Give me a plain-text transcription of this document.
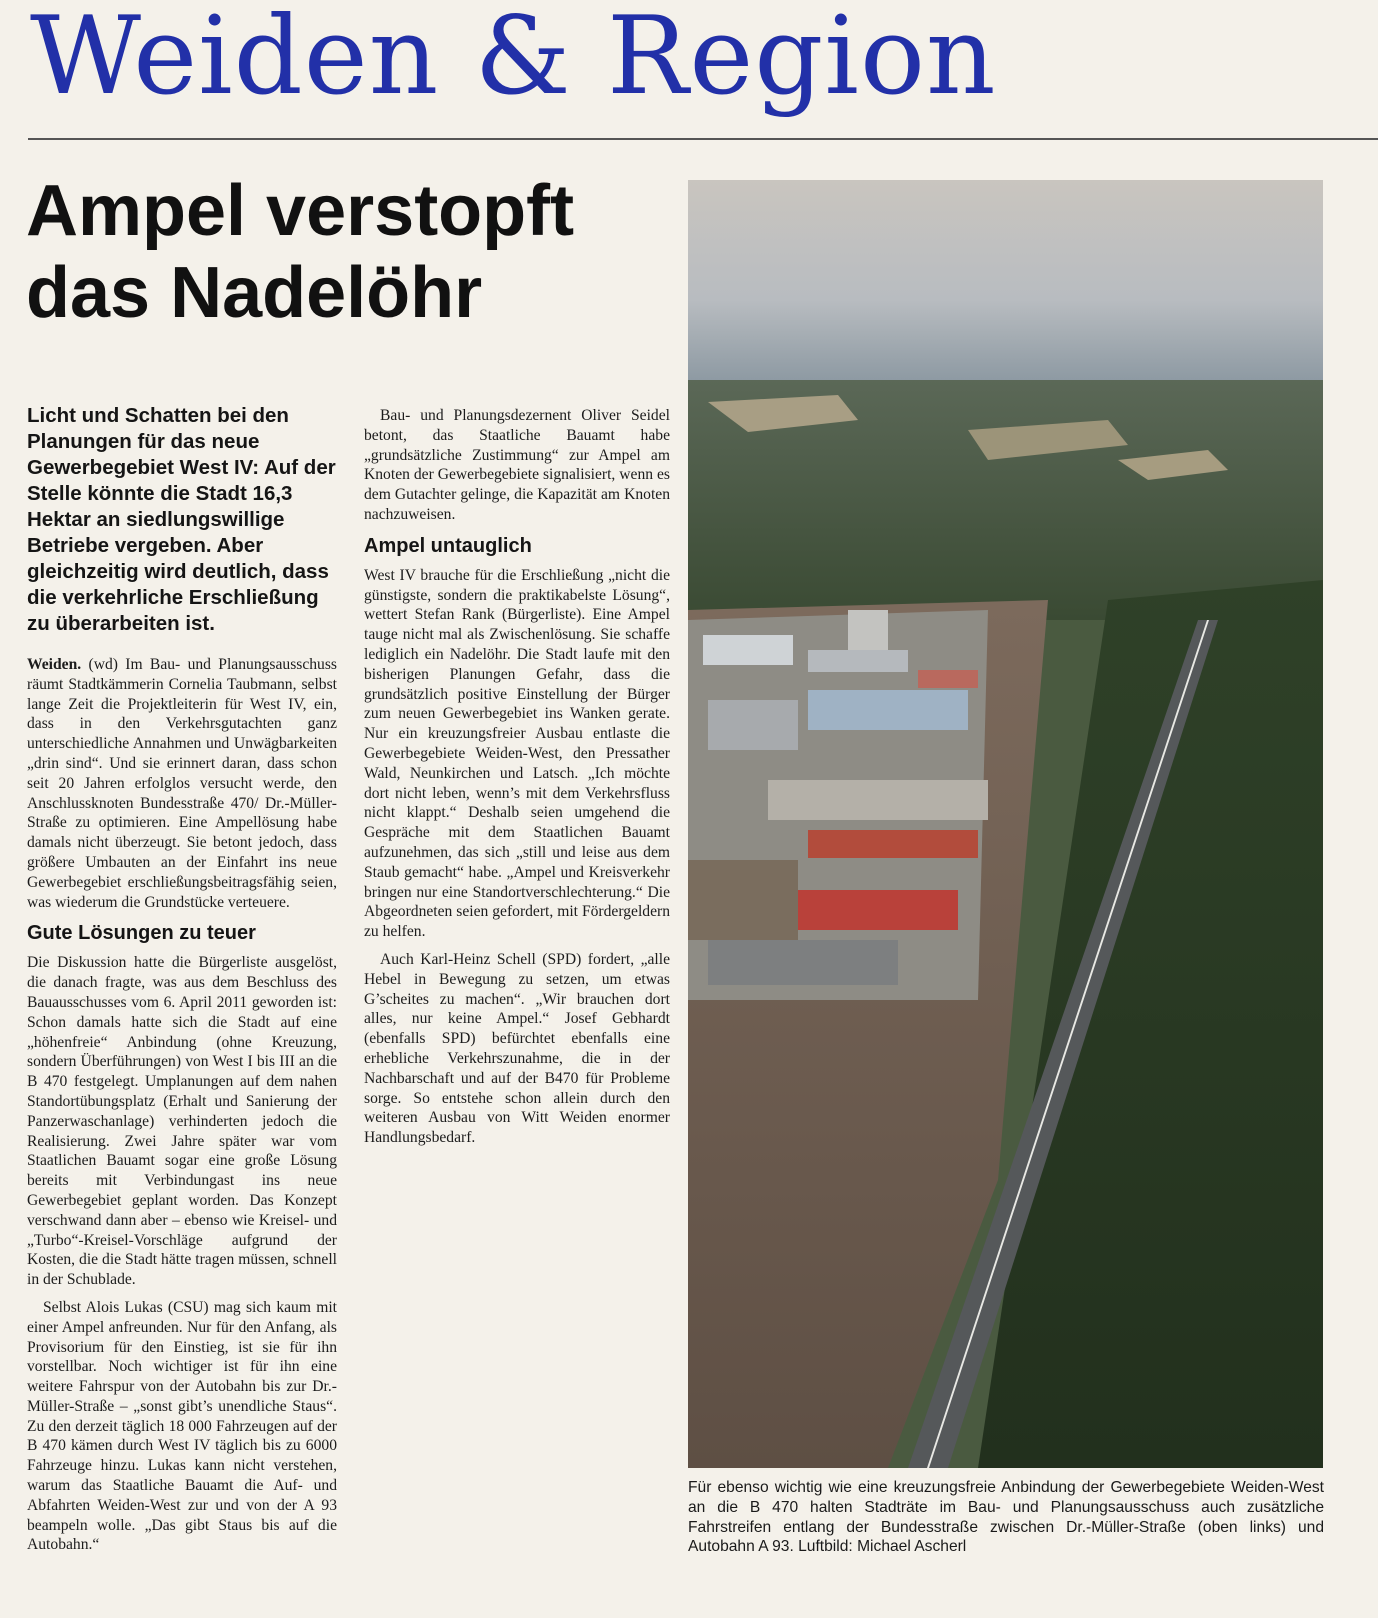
Weiden & Region
Ampel verstopft das Nadelöhr

Licht und Schatten bei den Planungen für das neue Gewerbegebiet West IV: Auf der Stelle könnte die Stadt 16,3 Hektar an siedlungswillige Betriebe vergeben. Aber gleichzeitig wird deutlich, dass die verkehrliche Erschließung zu überarbeiten ist.

Weiden. (wd) Im Bau- und Planungsausschuss räumt Stadtkämmerin Cornelia Taubmann, selbst lange Zeit die Projektleiterin für West IV, ein, dass in den Verkehrsgutachten ganz unterschiedliche Annahmen und Unwägbarkeiten „drin sind“. Und sie erinnert daran, dass schon seit 20 Jahren erfolglos versucht werde, den Anschlussknoten Bundesstraße 470/ Dr.-Müller-Straße zu optimieren. Eine Ampellösung habe damals nicht überzeugt. Sie betont jedoch, dass größere Umbauten an der Einfahrt ins neue Gewerbegebiet erschließungsbeitragsfähig seien, was wiederum die Grundstücke verteuere.

Gute Lösungen zu teuer

Die Diskussion hatte die Bürgerliste ausgelöst, die danach fragte, was aus dem Beschluss des Bauausschusses vom 6. April 2011 geworden ist: Schon damals hatte sich die Stadt auf eine „höhenfreie“ Anbindung (ohne Kreuzung, sondern Überführungen) von West I bis III an die B 470 festgelegt. Umplanungen auf dem nahen Standortübungsplatz (Erhalt und Sanierung der Panzerwaschanlage) verhinderten jedoch die Realisierung. Zwei Jahre später war vom Staatlichen Bauamt sogar eine große Lösung bereits mit Verbindungast ins neue Gewerbegebiet geplant worden. Das Konzept verschwand dann aber – ebenso wie Kreisel- und „Turbo“-Kreisel-Vorschläge aufgrund der Kosten, die die Stadt hätte tragen müssen, schnell in der Schublade.

Selbst Alois Lukas (CSU) mag sich kaum mit einer Ampel anfreunden. Nur für den Anfang, als Provisorium für den Einstieg, ist sie für ihn vorstellbar. Noch wichtiger ist für ihn eine weitere Fahrspur von der Autobahn bis zur Dr.-Müller-Straße – „sonst gibt’s unendliche Staus“. Zu den derzeit täglich 18 000 Fahrzeugen auf der B 470 kämen durch West IV täglich bis zu 6000 Fahrzeuge hinzu. Lukas kann nicht verstehen, warum das Staatliche Bauamt die Auf- und Abfahrten Weiden-West zur und von der A 93 beampeln wolle. „Das gibt Staus bis auf die Autobahn.“

Bau- und Planungsdezernent Oliver Seidel betont, das Staatliche Bauamt habe „grundsätzliche Zustimmung“ zur Ampel am Knoten der Gewerbegebiete signalisiert, wenn es dem Gutachter gelinge, die Kapazität am Knoten nachzuweisen.

Ampel untauglich

West IV brauche für die Erschließung „nicht die günstigste, sondern die praktikabelste Lösung“, wettert Stefan Rank (Bürgerliste). Eine Ampel tauge nicht mal als Zwischenlösung. Sie schaffe lediglich ein Nadelöhr. Die Stadt laufe mit den bisherigen Planungen Gefahr, dass die grundsätzlich positive Einstellung der Bürger zum neuen Gewerbegebiet ins Wanken gerate. Nur ein kreuzungsfreier Ausbau entlaste die Gewerbegebiete Weiden-West, den Pressather Wald, Neunkirchen und Latsch. „Ich möchte dort nicht leben, wenn’s mit dem Verkehrsfluss nicht klappt.“ Deshalb seien umgehend die Gespräche mit dem Staatlichen Bauamt aufzunehmen, das sich „still und leise aus dem Staub gemacht“ habe. „Ampel und Kreisverkehr bringen nur eine Standortverschlechterung.“ Die Abgeordneten seien gefordert, mit Fördergeldern zu helfen.

Auch Karl-Heinz Schell (SPD) fordert, „alle Hebel in Bewegung zu setzen, um etwas G’scheites zu machen“. „Wir brauchen dort alles, nur keine Ampel.“ Josef Gebhardt (ebenfalls SPD) befürchtet ebenfalls eine erhebliche Verkehrszunahme, die in der Nachbarschaft und auf der B470 für Probleme sorge. So entstehe schon allein durch den weiteren Ausbau von Witt Weiden enormer Handlungsbedarf.

Für ebenso wichtig wie eine kreuzungsfreie Anbindung der Gewerbegebiete Weiden-West an die B 470 halten Stadträte im Bau- und Planungsausschuss auch zusätzliche Fahrstreifen entlang der Bundesstraße zwischen Dr.-Müller-Straße (oben links) und Autobahn A 93. Luftbild: Michael Ascherl
